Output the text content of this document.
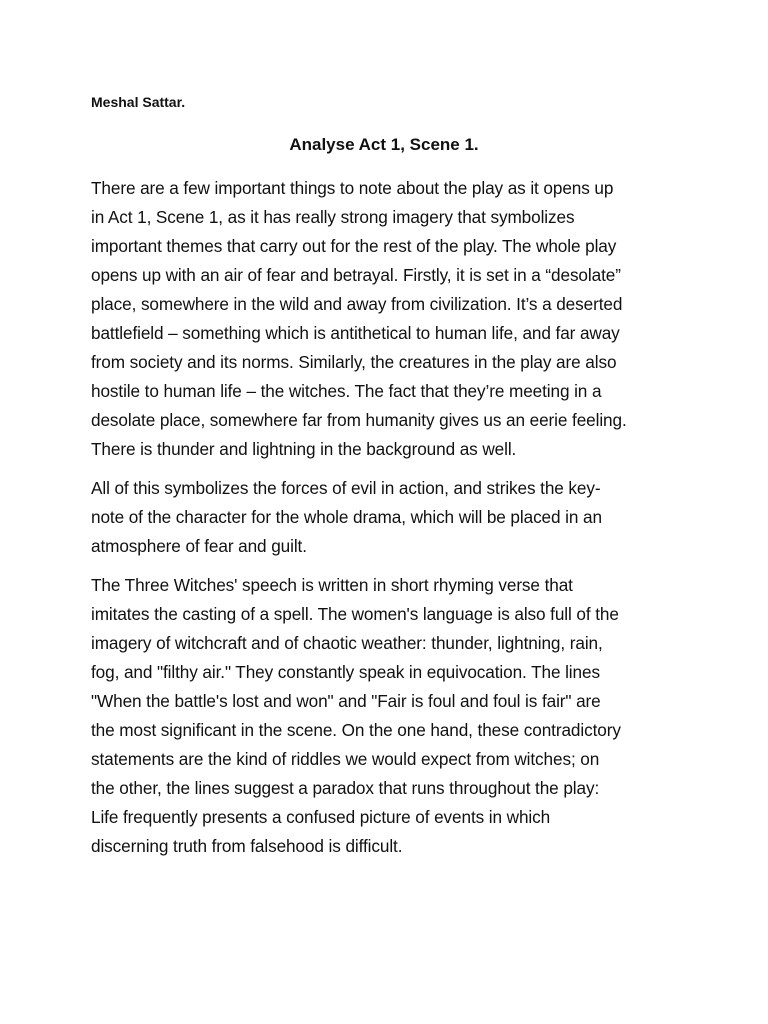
Meshal Sattar.
Analyse Act 1, Scene 1.
There are a few important things to note about the play as it opens up
in Act 1, Scene 1, as it has really strong imagery that symbolizes
important themes that carry out for the rest of the play. The whole play
opens up with an air of fear and betrayal. Firstly, it is set in a “desolate”
place, somewhere in the wild and away from civilization. It’s a deserted
battlefield – something which is antithetical to human life, and far away
from society and its norms. Similarly, the creatures in the play are also
hostile to human life – the witches. The fact that they’re meeting in a
desolate place, somewhere far from humanity gives us an eerie feeling.
There is thunder and lightning in the background as well.
All of this symbolizes the forces of evil in action, and strikes the key-
note of the character for the whole drama, which will be placed in an
atmosphere of fear and guilt.
The Three Witches' speech is written in short rhyming verse that
imitates the casting of a spell. The women's language is also full of the
imagery of witchcraft and of chaotic weather: thunder, lightning, rain,
fog, and "filthy air." They constantly speak in equivocation. The lines
"When the battle's lost and won" and "Fair is foul and foul is fair" are
the most significant in the scene. On the one hand, these contradictory
statements are the kind of riddles we would expect from witches; on
the other, the lines suggest a paradox that runs throughout the play:
Life frequently presents a confused picture of events in which
discerning truth from falsehood is difficult.
